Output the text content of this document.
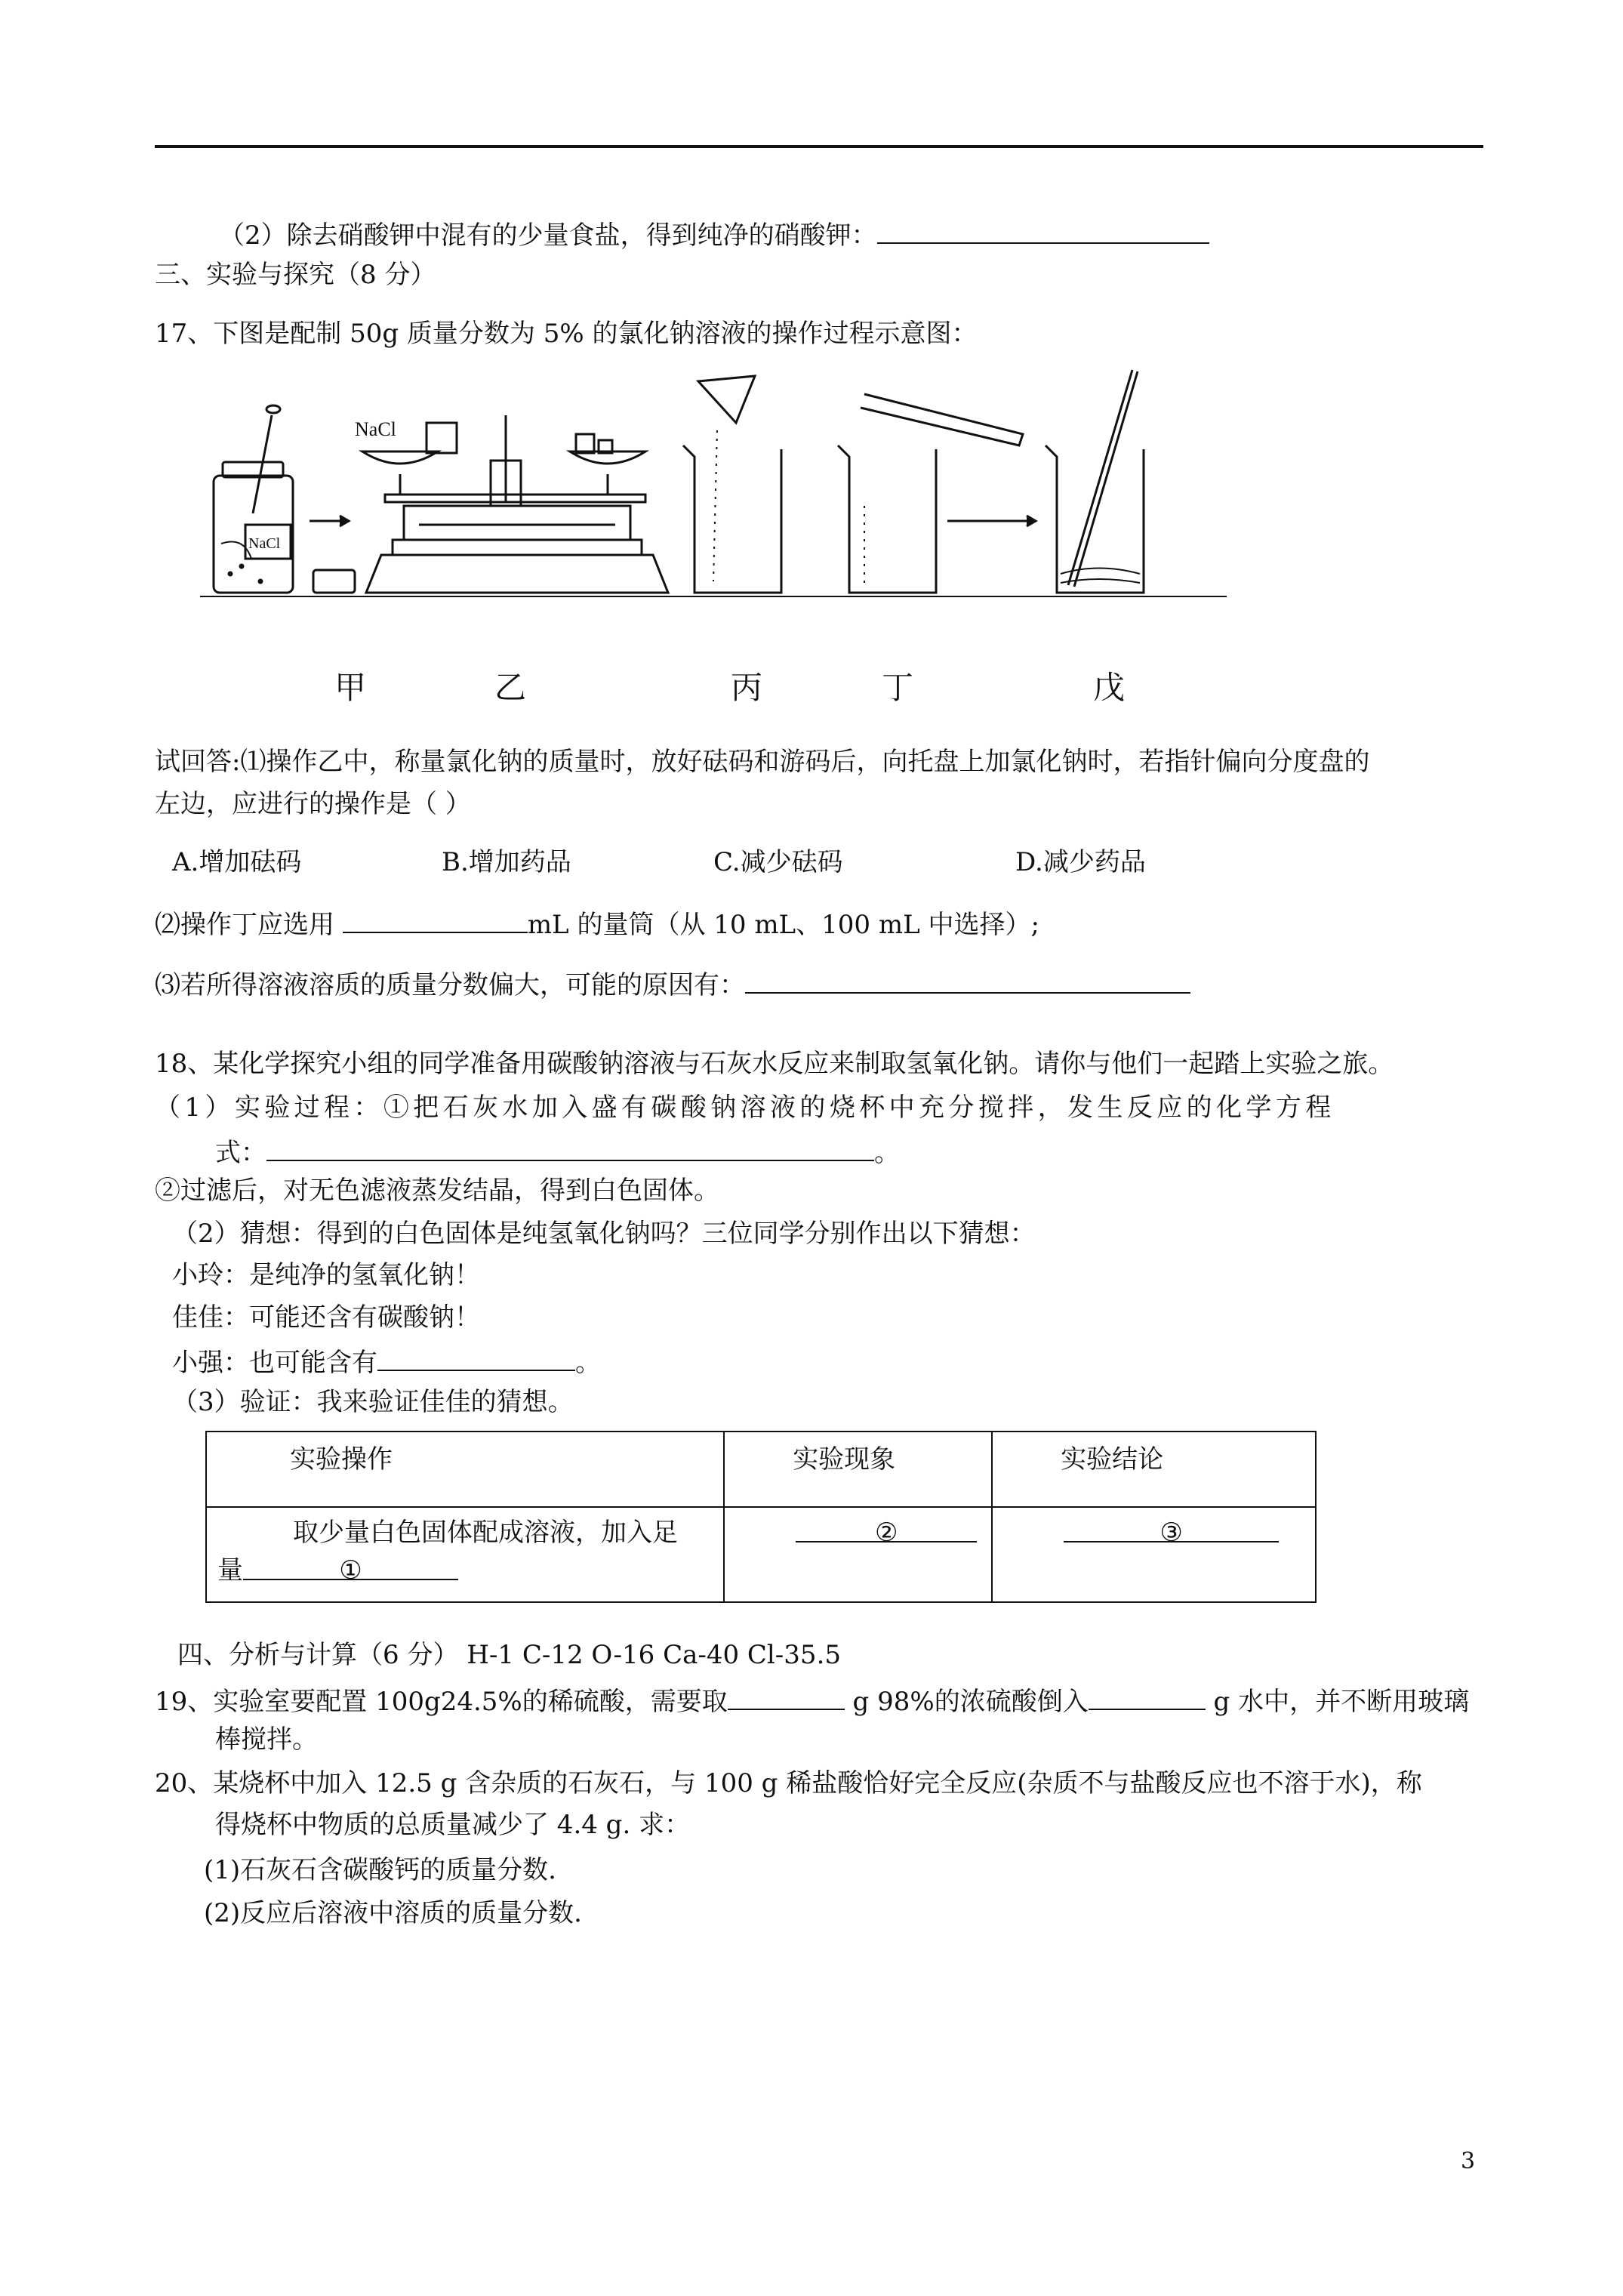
（2）除去硝酸钾中混有的少量食盐，得到纯净的硝酸钾：
三、实验与探究（8 分）
17、下图是配制 50g 质量分数为 5% 的氯化钠溶液的操作过程示意图：
NaCl
NaCl
甲	乙	丙	丁	戊
试回答:⑴操作乙中，称量氯化钠的质量时，放好砝码和游码后，向托盘上加氯化钠时，若指针偏向分度盘的
左边，应进行的操作是（ ）
A.增加砝码	B.增加药品	C.减少砝码	D.减少药品
⑵操作丁应选用	mL 的量筒（从 10 mL、100 mL 中选择）;
⑶若所得溶液溶质的质量分数偏大，可能的原因有：
18、某化学探究小组的同学准备用碳酸钠溶液与石灰水反应来制取氢氧化钠。请你与他们一起踏上实验之旅。
（1）实验过程：①把石灰水加入盛有碳酸钠溶液的烧杯中充分搅拌，发生反应的化学方程
式：	。
②过滤后，对无色滤液蒸发结晶，得到白色固体。
（2）猜想：得到的白色固体是纯氢氧化钠吗？三位同学分别作出以下猜想：
小玲：是纯净的氢氧化钠！
佳佳：可能还含有碳酸钠！
小强：也可能含有	。
（3）验证：我来验证佳佳的猜想。
实验操作	实验现象	实验结论

取少量白色固体配成溶液，加入足
量 ①	②	③
四、分析与计算（6 分） H-1 C-12 O-16 Ca-40 Cl-35.5
19、实验室要配置 100g24.5%的稀硫酸，需要取	g 98%的浓硫酸倒入	g 水中，并不断用玻璃
棒搅拌。
20、某烧杯中加入 12.5 g 含杂质的石灰石，与 100 g 稀盐酸恰好完全反应(杂质不与盐酸反应也不溶于水)，称
得烧杯中物质的总质量减少了 4.4 g. 求：
(1)石灰石含碳酸钙的质量分数.
(2)反应后溶液中溶质的质量分数.
3
